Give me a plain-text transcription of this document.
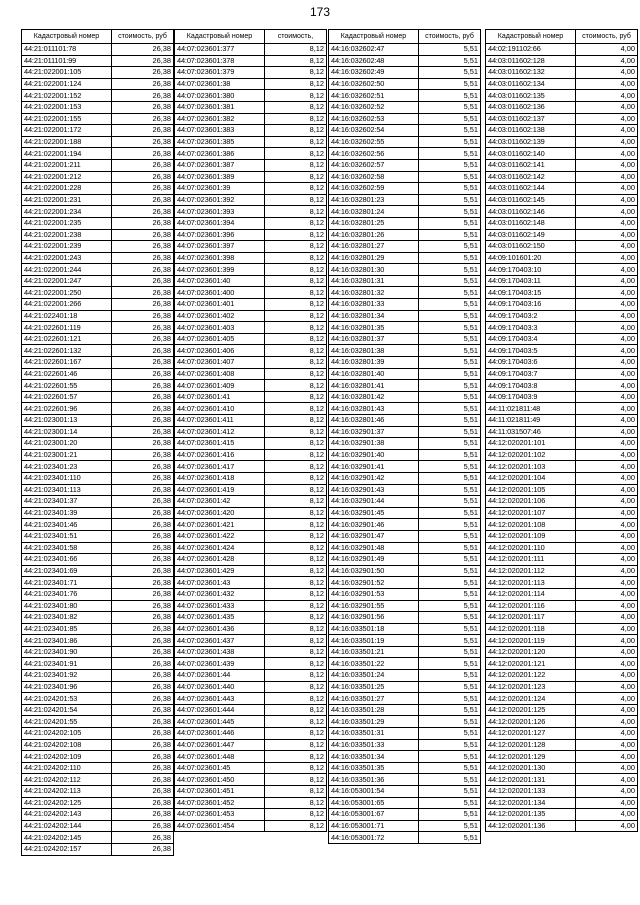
173
Кадастровый номер	стоимость, руб
44:21:011101:78	26,38
44:21:011101:99	26,38
44:21:022001:105	26,38
44:21:022001:124	26,38
44:21:022001:152	26,38
44:21:022001:153	26,38
44:21:022001:155	26,38
44:21:022001:172	26,38
44:21:022001:188	26,38
44:21:022001:194	26,38
44:21:022001:211	26,38
44:21:022001:212	26,38
44:21:022001:228	26,38
44:21:022001:231	26,38
44:21:022001:234	26,38
44:21:022001:235	26,38
44:21:022001:238	26,38
44:21:022001:239	26,38
44:21:022001:243	26,38
44:21:022001:244	26,38
44:21:022001:247	26,38
44:21:022001:250	26,38
44:21:022001:266	26,38
44:21:022401:18	26,38
44:21:022601:119	26,38
44:21:022601:121	26,38
44:21:022601:132	26,38
44:21:022601:167	26,38
44:21:022601:46	26,38
44:21:022601:55	26,38
44:21:022601:57	26,38
44:21:022601:96	26,38
44:21:023001:13	26,38
44:21:023001:14	26,38
44:21:023001:20	26,38
44:21:023001:21	26,38
44:21:023401:23	26,38
44:21:023401:110	26,38
44:21:023401:113	26,38
44:21:023401:37	26,38
44:21:023401:39	26,38
44:21:023401:46	26,38
44:21:023401:51	26,38
44:21:023401:58	26,38
44:21:023401:66	26,38
44:21:023401:69	26,38
44:21:023401:71	26,38
44:21:023401:76	26,38
44:21:023401:80	26,38
44:21:023401:82	26,38
44:21:023401:85	26,38
44:21:023401:86	26,38
44:21:023401:90	26,38
44:21:023401:91	26,38
44:21:023401:92	26,38
44:21:023401:96	26,38
44:21:024201:53	26,38
44:21:024201:54	26,38
44:21:024201:55	26,38
44:21:024202:105	26,38
44:21:024202:108	26,38
44:21:024202:109	26,38
44:21:024202:110	26,38
44:21:024202:112	26,38
44:21:024202:113	26,38
44:21:024202:125	26,38
44:21:024202:143	26,38
44:21:024202:144	26,38
44:21:024202:145	26,38
44:21:024202:157	26,38
Кадастровый номер	стоимость,
44:07:023601:377	8,12
44:07:023601:378	8,12
44:07:023601:379	8,12
44:07:023601:38	8,12
44:07:023601:380	8,12
44:07:023601:381	8,12
44:07:023601:382	8,12
44:07:023601:383	8,12
44:07:023601:385	8,12
44:07:023601:386	8,12
44:07:023601:387	8,12
44:07:023601:389	8,12
44:07:023601:39	8,12
44:07:023601:392	8,12
44:07:023601:393	8,12
44:07:023601:394	8,12
44:07:023601:396	8,12
44:07:023601:397	8,12
44:07:023601:398	8,12
44:07:023601:399	8,12
44:07:023601:40	8,12
44:07:023601:400	8,12
44:07:023601:401	8,12
44:07:023601:402	8,12
44:07:023601:403	8,12
44:07:023601:405	8,12
44:07:023601:406	8,12
44:07:023601:407	8,12
44:07:023601:408	8,12
44:07:023601:409	8,12
44:07:023601:41	8,12
44:07:023601:410	8,12
44:07:023601:411	8,12
44:07:023601:412	8,12
44:07:023601:415	8,12
44:07:023601:416	8,12
44:07:023601:417	8,12
44:07:023601:418	8,12
44:07:023601:419	8,12
44:07:023601:42	8,12
44:07:023601:420	8,12
44:07:023601:421	8,12
44:07:023601:422	8,12
44:07:023601:424	8,12
44:07:023601:428	8,12
44:07:023601:429	8,12
44:07:023601:43	8,12
44:07:023601:432	8,12
44:07:023601:433	8,12
44:07:023601:435	8,12
44:07:023601:436	8,12
44:07:023601:437	8,12
44:07:023601:438	8,12
44:07:023601:439	8,12
44:07:023601:44	8,12
44:07:023601:440	8,12
44:07:023601:443	8,12
44:07:023601:444	8,12
44:07:023601:445	8,12
44:07:023601:446	8,12
44:07:023601:447	8,12
44:07:023601:448	8,12
44:07:023601:45	8,12
44:07:023601:450	8,12
44:07:023601:451	8,12
44:07:023601:452	8,12
44:07:023601:453	8,12
44:07:023601:454	8,12
Кадастровый номер	стоимость, руб
44:16:032602:47	5,51
44:16:032602:48	5,51
44:16:032602:49	5,51
44:16:032602:50	5,51
44:16:032602:51	5,51
44:16:032602:52	5,51
44:16:032602:53	5,51
44:16:032602:54	5,51
44:16:032602:55	5,51
44:16:032602:56	5,51
44:16:032602:57	5,51
44:16:032602:58	5,51
44:16:032602:59	5,51
44:16:032801:23	5,51
44:16:032801:24	5,51
44:16:032801:25	5,51
44:16:032801:26	5,51
44:16:032801:27	5,51
44:16:032801:29	5,51
44:16:032801:30	5,51
44:16:032801:31	5,51
44:16:032801:32	5,51
44:16:032801:33	5,51
44:16:032801:34	5,51
44:16:032801:35	5,51
44:16:032801:37	5,51
44:16:032801:38	5,51
44:16:032801:39	5,51
44:16:032801:40	5,51
44:16:032801:41	5,51
44:16:032801:42	5,51
44:16:032801:43	5,51
44:16:032801:46	5,51
44:16:032901:37	5,51
44:16:032901:38	5,51
44:16:032901:40	5,51
44:16:032901:41	5,51
44:16:032901:42	5,51
44:16:032901:43	5,51
44:16:032901:44	5,51
44:16:032901:45	5,51
44:16:032901:46	5,51
44:16:032901:47	5,51
44:16:032901:48	5,51
44:16:032901:49	5,51
44:16:032901:50	5,51
44:16:032901:52	5,51
44:16:032901:53	5,51
44:16:032901:55	5,51
44:16:032901:56	5,51
44:16:033501:18	5,51
44:16:033501:19	5,51
44:16:033501:21	5,51
44:16:033501:22	5,51
44:16:033501:24	5,51
44:16:033501:25	5,51
44:16:033501:27	5,51
44:16:033501:28	5,51
44:16:033501:29	5,51
44:16:033501:31	5,51
44:16:033501:33	5,51
44:16:033501:34	5,51
44:16:033501:35	5,51
44:16:033501:36	5,51
44:16:053001:54	5,51
44:16:053001:65	5,51
44:16:053001:67	5,51
44:16:053001:71	5,51
44:16:053001:72	5,51
Кадастровый номер	стоимость, руб
44:02:191102:66	4,00
44:03:011602:128	4,00
44:03:011602:132	4,00
44:03:011602:134	4,00
44:03:011602:135	4,00
44:03:011602:136	4,00
44:03:011602:137	4,00
44:03:011602:138	4,00
44:03:011602:139	4,00
44:03:011602:140	4,00
44:03:011602:141	4,00
44:03:011602:142	4,00
44:03:011602:144	4,00
44:03:011602:145	4,00
44:03:011602:146	4,00
44:03:011602:148	4,00
44:03:011602:149	4,00
44:03:011602:150	4,00
44:09:101601:20	4,00
44:09:170403:10	4,00
44:09:170403:11	4,00
44:09:170403:15	4,00
44:09:170403:16	4,00
44:09:170403:2	4,00
44:09:170403:3	4,00
44:09:170403:4	4,00
44:09:170403:5	4,00
44:09:170403:6	4,00
44:09:170403:7	4,00
44:09:170403:8	4,00
44:09:170403:9	4,00
44:11:021811:48	4,00
44:11:021811:49	4,00
44:11:031507:46	4,00
44:12:020201:101	4,00
44:12:020201:102	4,00
44:12:020201:103	4,00
44:12:020201:104	4,00
44:12:020201:105	4,00
44:12:020201:106	4,00
44:12:020201:107	4,00
44:12:020201:108	4,00
44:12:020201:109	4,00
44:12:020201:110	4,00
44:12:020201:111	4,00
44:12:020201:112	4,00
44:12:020201:113	4,00
44:12:020201:114	4,00
44:12:020201:116	4,00
44:12:020201:117	4,00
44:12:020201:118	4,00
44:12:020201:119	4,00
44:12:020201:120	4,00
44:12:020201:121	4,00
44:12:020201:122	4,00
44:12:020201:123	4,00
44:12:020201:124	4,00
44:12:020201:125	4,00
44:12:020201:126	4,00
44:12:020201:127	4,00
44:12:020201:128	4,00
44:12:020201:129	4,00
44:12:020201:130	4,00
44:12:020201:131	4,00
44:12:020201:133	4,00
44:12:020201:134	4,00
44:12:020201:135	4,00
44:12:020201:136	4,00
